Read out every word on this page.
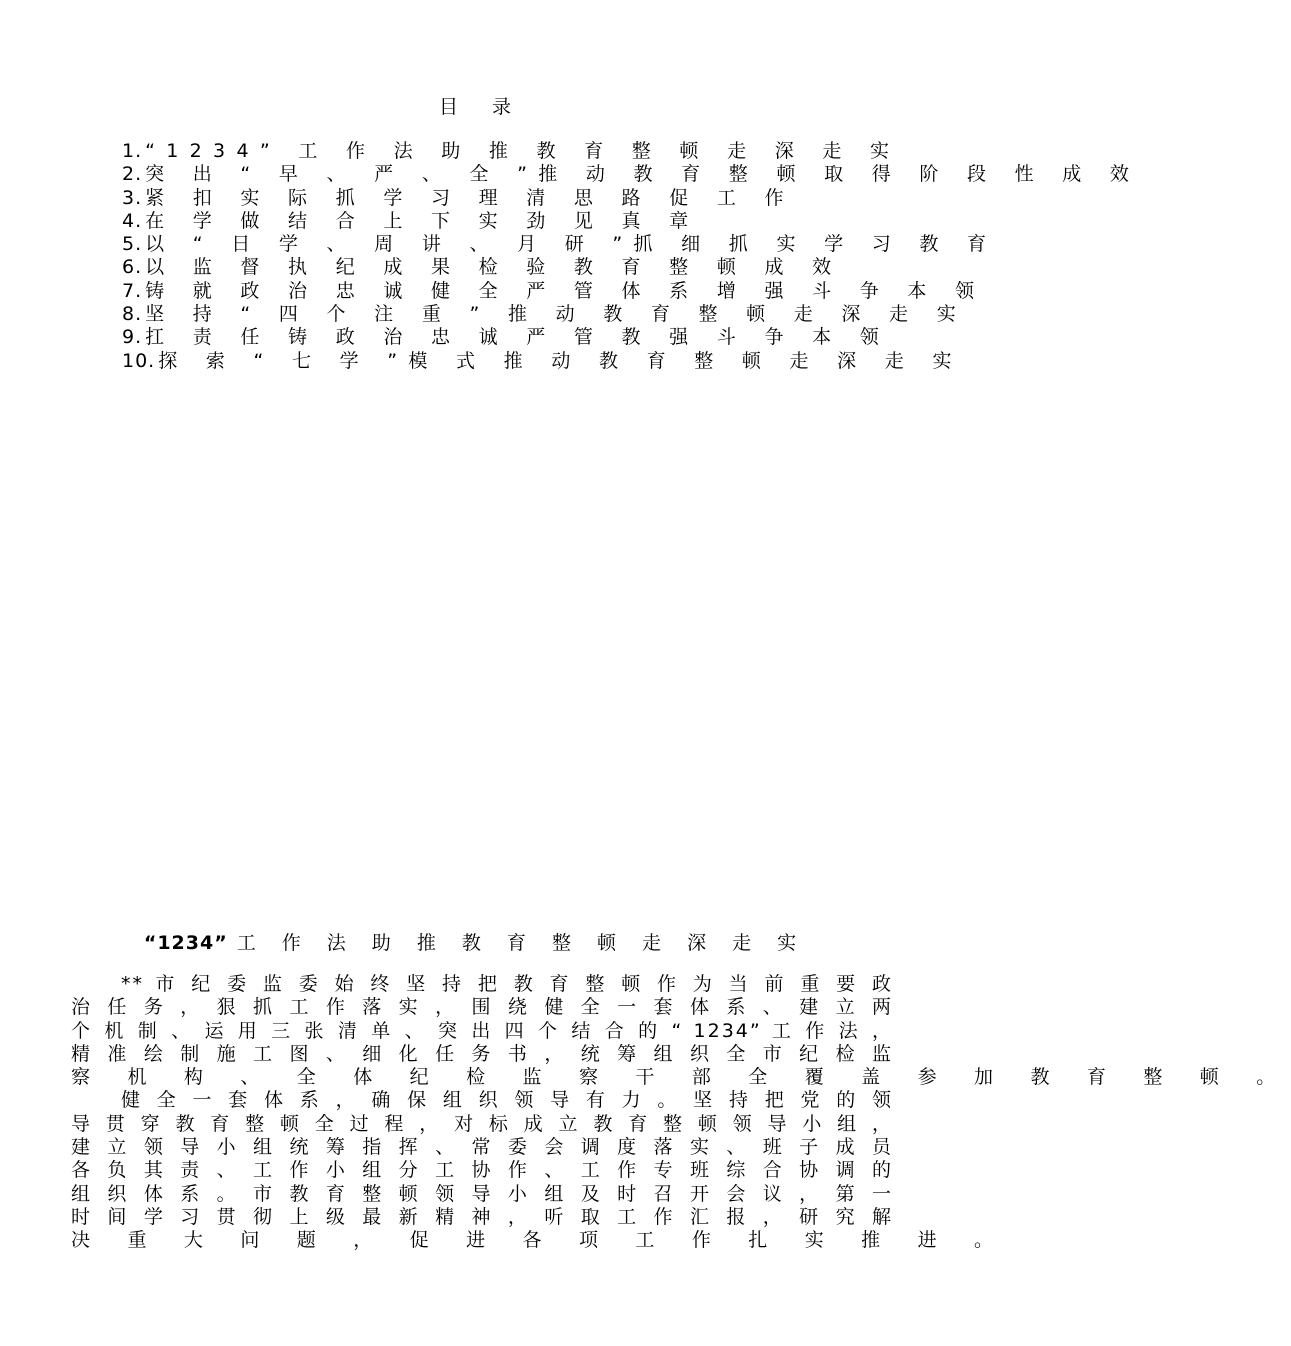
目 录
1. “1234” 工 作 法 助 推 教 育 整 顿 走 深 走 实
2. 突 出 “ 早 、 严 、 全 ”推 动 教 育 整 顿 取 得 阶 段 性 成 效
3. 紧 扣 实 际 抓 学 习 理 清 思 路 促 工 作
4. 在 学 做 结 合 上 下 实 劲 见 真 章
5. 以 “ 日 学 、 周 讲 、 月 研 ”抓 细 抓 实 学 习 教 育
6. 以 监 督 执 纪 成 果 检 验 教 育 整 顿 成 效
7. 铸 就 政 治 忠 诚 健 全 严 管 体 系 增 强 斗 争 本 领
8. 坚 持 “ 四 个 注 重 ” 推 动 教 育 整 顿 走 深 走 实
9. 扛 责 任 铸 政 治 忠 诚 严 管 教 强 斗 争 本 领
10. 探 索 “ 七 学 ”模 式 推 动 教 育 整 顿 走 深 走 实
“1234” 工 作 法 助 推 教 育 整 顿 走 深 走 实
** 市 纪 委 监 委 始 终 坚 持 把 教 育 整 顿 作 为 当 前 重 要 政
治 任 务 ， 狠 抓 工 作 落 实 ， 围 绕 健 全 一 套 体 系 、 建 立 两
个 机 制 、 运 用 三 张 清 单 、 突 出 四 个 结 合 的 “ 1234” 工 作 法 ，
精 准 绘 制 施 工 图 、 细 化 任 务 书 ， 统 筹 组 织 全 市 纪 检 监
察 机 构 、 全 体 纪 检 监 察 干 部 全 覆 盖 参 加 教 育 整 顿 。
健 全 一 套 体 系 ， 确 保 组 织 领 导 有 力 。 坚 持 把 党 的 领
导 贯 穿 教 育 整 顿 全 过 程 ， 对 标 成 立 教 育 整 顿 领 导 小 组 ，
建 立 领 导 小 组 统 筹 指 挥 、 常 委 会 调 度 落 实 、 班 子 成 员
各 负 其 责 、 工 作 小 组 分 工 协 作 、 工 作 专 班 综 合 协 调 的
组 织 体 系 。 市 教 育 整 顿 领 导 小 组 及 时 召 开 会 议 ， 第 一
时 间 学 习 贯 彻 上 级 最 新 精 神 ， 听 取 工 作 汇 报 ， 研 究 解
决 重 大 问 题 ， 促 进 各 项 工 作 扎 实 推 进 。
